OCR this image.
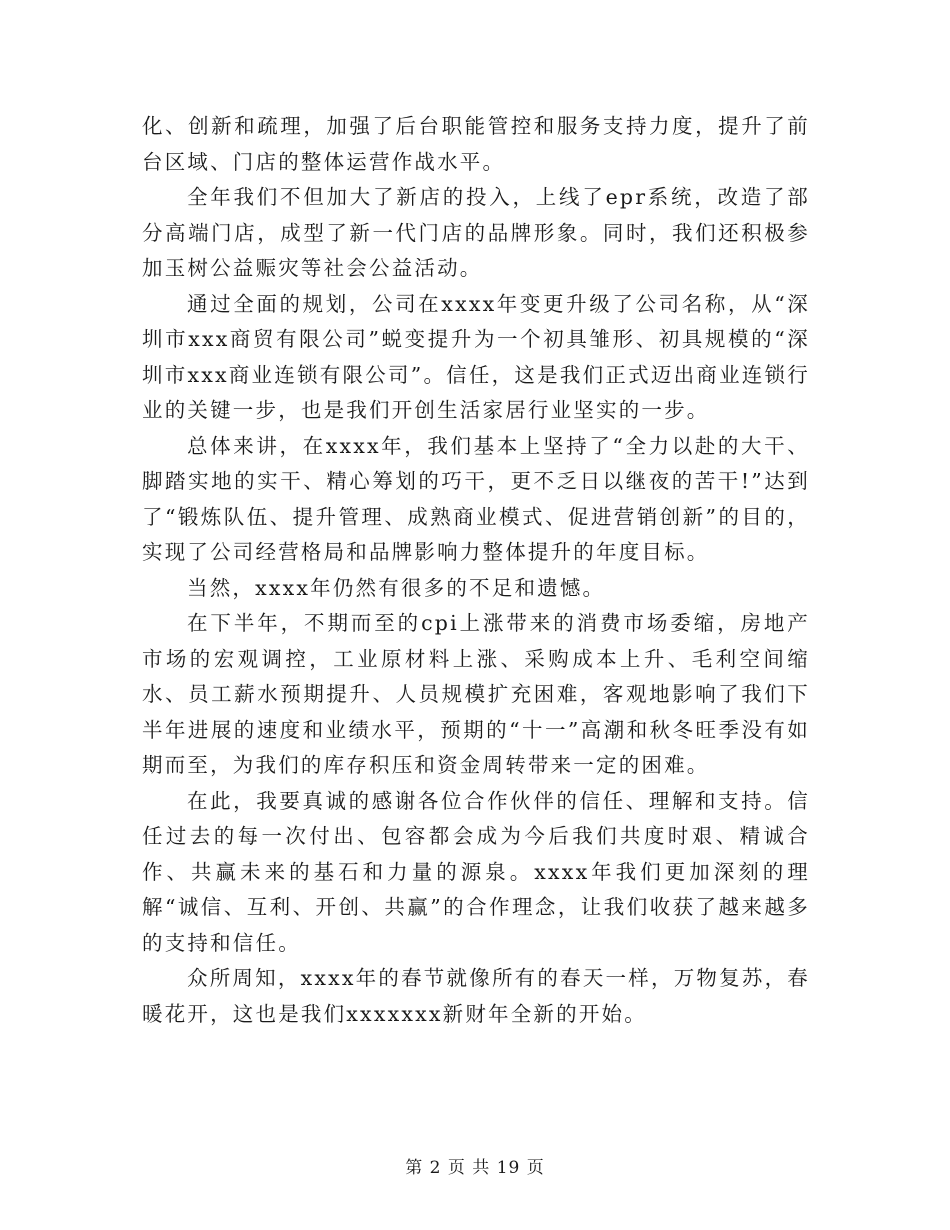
化、创新和疏理，加强了后台职能管控和服务支持力度，提升了前台区域、门店的整体运营作战水平。

全年我们不但加大了新店的投入，上线了epr系统，改造了部分高端门店，成型了新一代门店的品牌形象。同时，我们还积极参加玉树公益赈灾等社会公益活动。

通过全面的规划，公司在xxxx年变更升级了公司名称，从“深圳市xxx商贸有限公司”蜕变提升为一个初具雏形、初具规模的“深圳市xxx商业连锁有限公司”。信任，这是我们正式迈出商业连锁行业的关键一步，也是我们开创生活家居行业坚实的一步。

总体来讲，在xxxx年，我们基本上坚持了“全力以赴的大干、脚踏实地的实干、精心筹划的巧干，更不乏日以继夜的苦干!”达到了“锻炼队伍、提升管理、成熟商业模式、促进营销创新”的目的，实现了公司经营格局和品牌影响力整体提升的年度目标。

当然，xxxx年仍然有很多的不足和遗憾。

在下半年，不期而至的cpi上涨带来的消费市场委缩，房地产市场的宏观调控，工业原材料上涨、采购成本上升、毛利空间缩水、员工薪水预期提升、人员规模扩充困难，客观地影响了我们下半年进展的速度和业绩水平，预期的“十一”高潮和秋冬旺季没有如期而至，为我们的库存积压和资金周转带来一定的困难。

在此，我要真诚的感谢各位合作伙伴的信任、理解和支持。信任过去的每一次付出、包容都会成为今后我们共度时艰、精诚合作、共赢未来的基石和力量的源泉。xxxx年我们更加深刻的理解“诚信、互利、开创、共赢”的合作理念，让我们收获了越来越多的支持和信任。

众所周知，xxxx年的春节就像所有的春天一样，万物复苏，春暖花开，这也是我们xxxxxxx新财年全新的开始。

第 2 页 共 19 页
